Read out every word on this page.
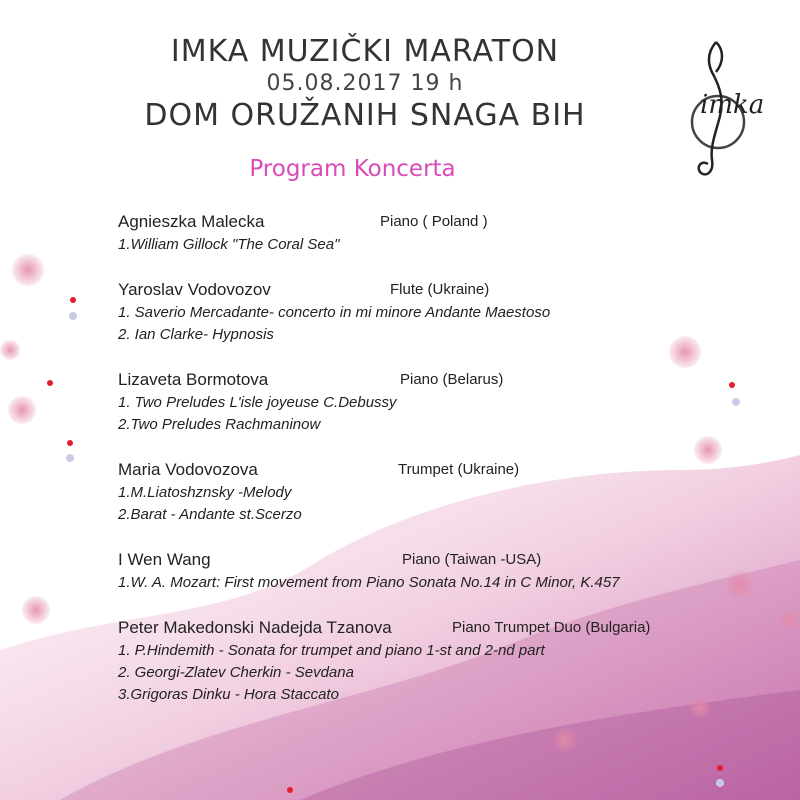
IMKA MUZIČKI MARATON
05.08.2017 19 h
DOM ORUŽANIH SNAGA BIH
Program Koncerta
imka
Agnieszka Malecka	Piano ( Poland )
1.William Gillock "The Coral Sea"
Yaroslav Vodovozov	Flute (Ukraine)
1. Saverio Mercadante- concerto in mi minore Andante Maestoso
2. Ian Clarke- Hypnosis
Lizaveta Bormotova	Piano (Belarus)
1. Two Preludes L'isle joyeuse C.Debussy
2.Two Preludes Rachmaninow
Maria Vodovozova	Trumpet (Ukraine)
1.M.Liatoshznsky -Melody
2.Barat - Andante st.Scerzo
I Wen Wang	Piano (Taiwan -USA)
1.W. A. Mozart: First movement from Piano Sonata No.14 in C Minor, K.457
Peter Makedonski Nadejda Tzanova	Piano Trumpet Duo (Bulgaria)
1. P.Hindemith - Sonata for trumpet and piano 1-st and 2-nd part
2. Georgi-Zlatev Cherkin - Sevdana
3.Grigoras Dinku - Hora Staccato
